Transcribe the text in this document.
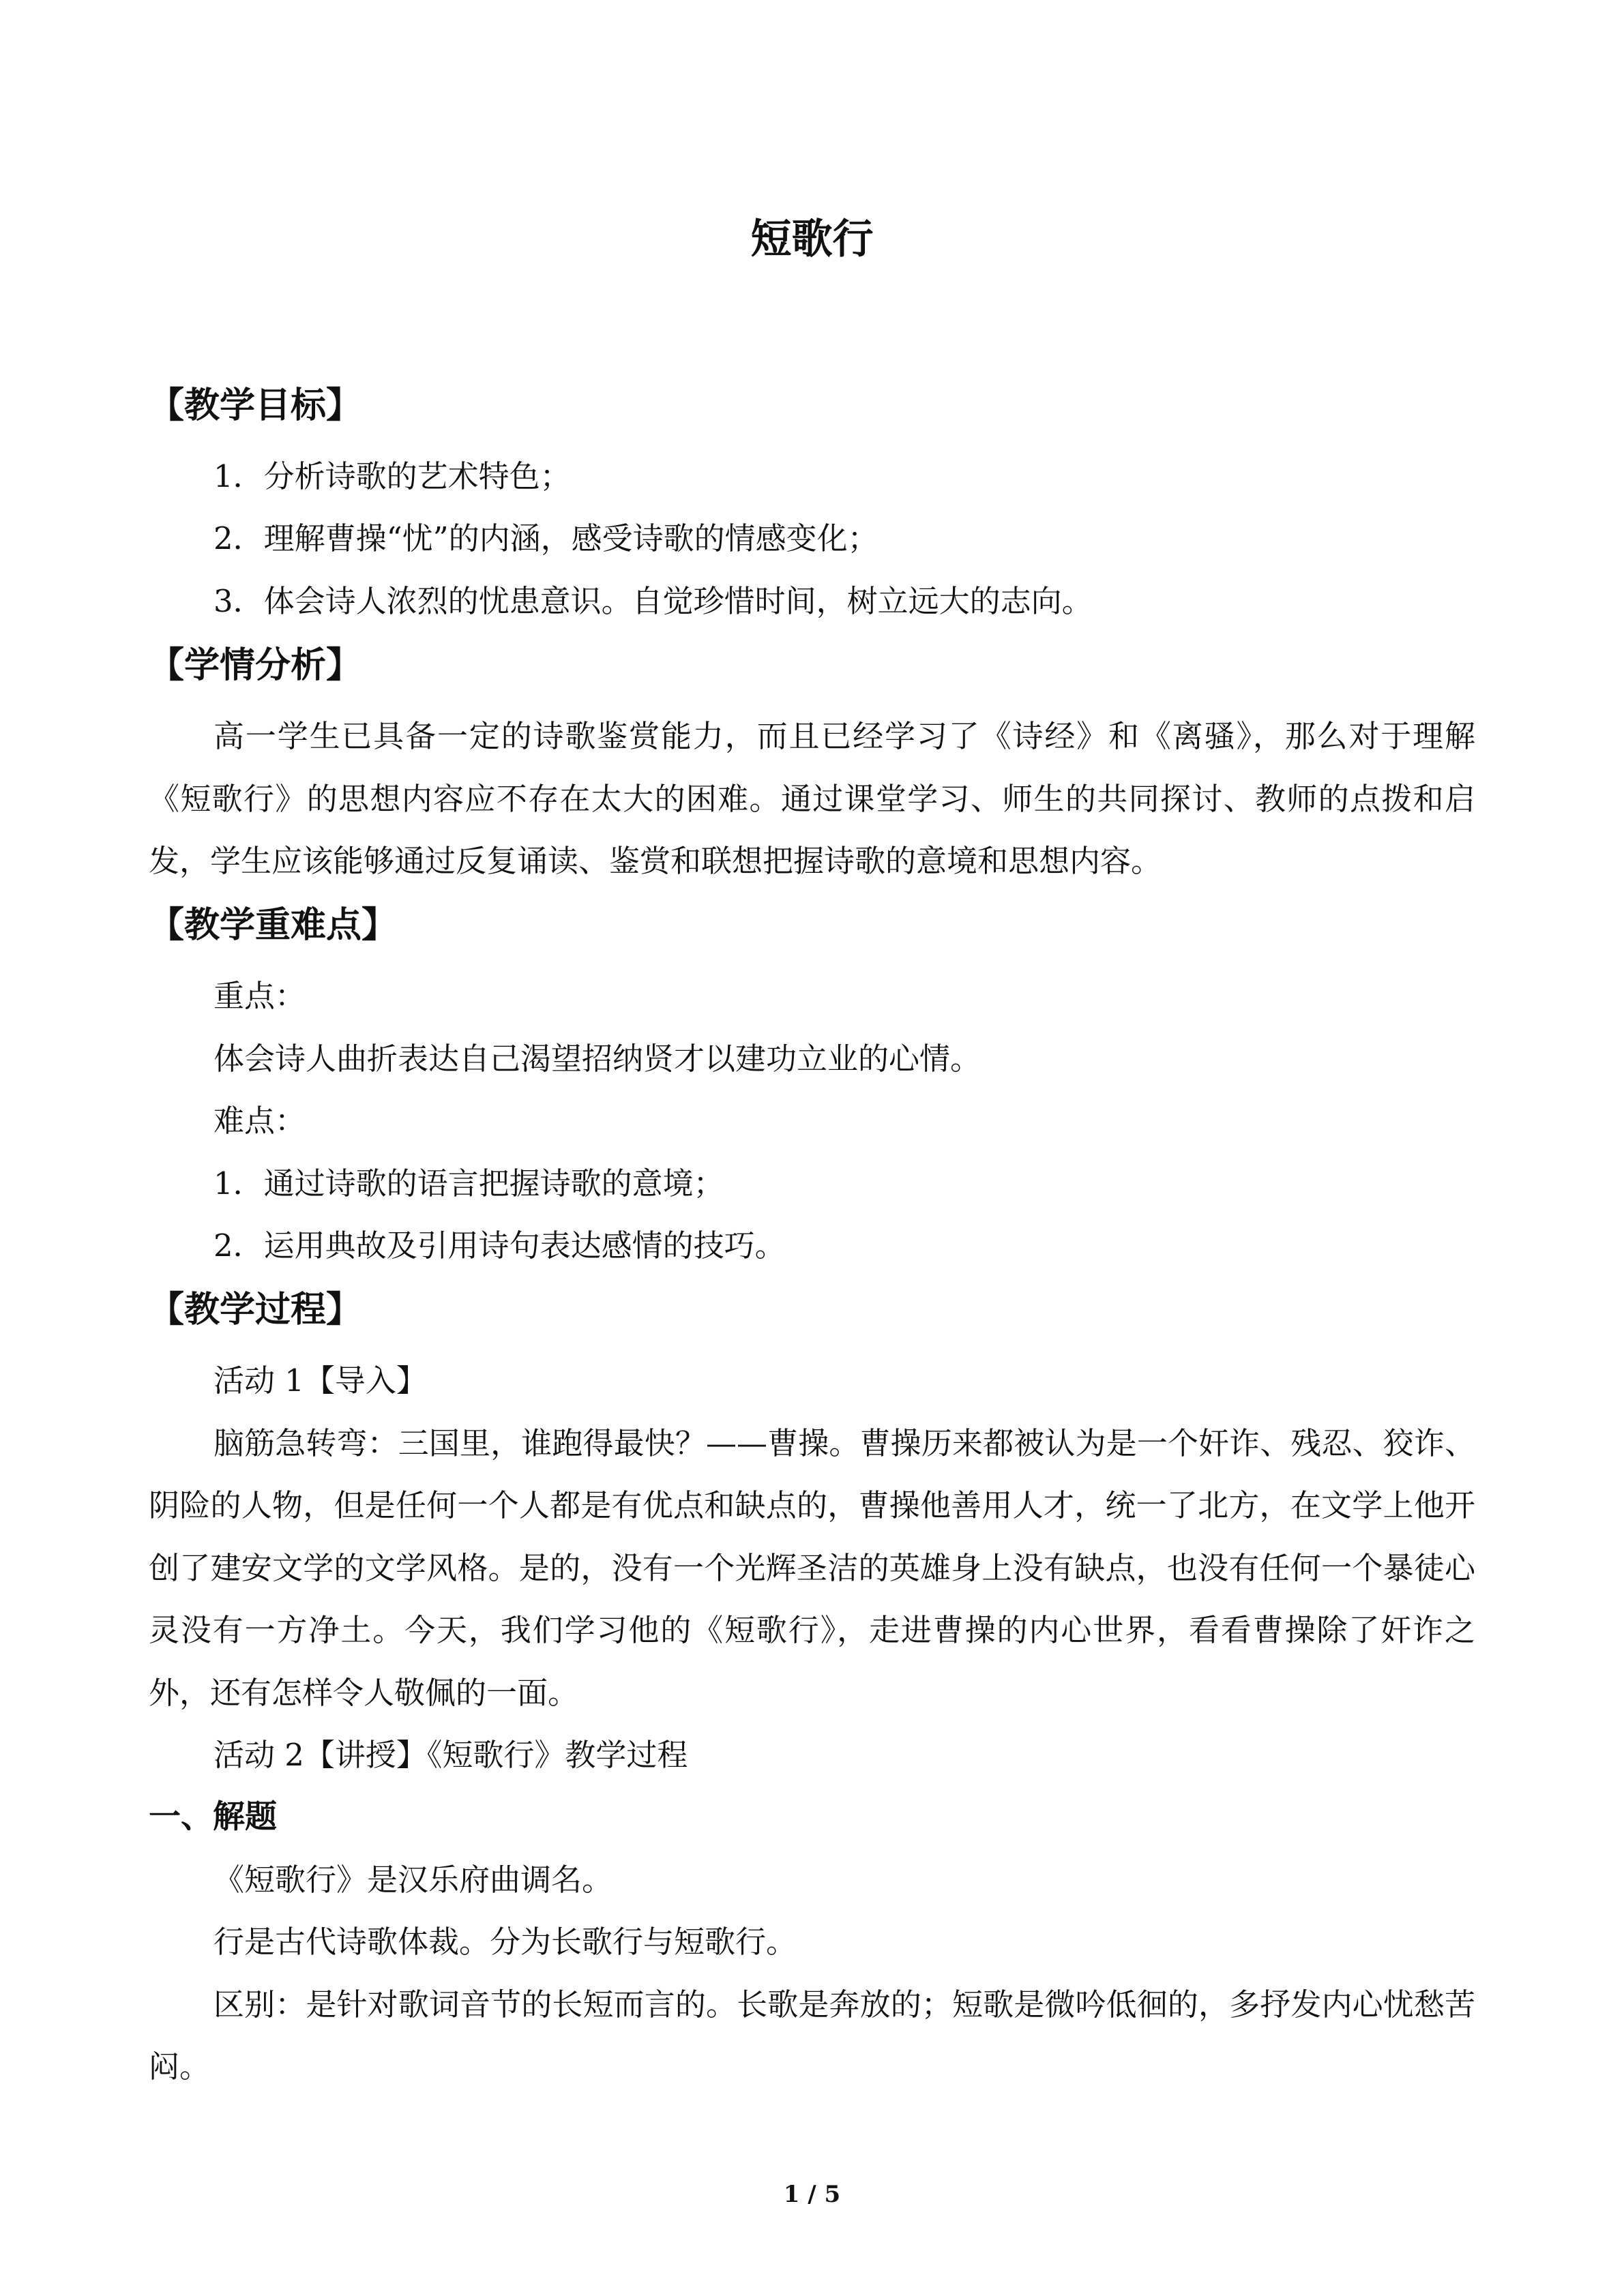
短歌行
【教学目标】

1．分析诗歌的艺术特色；

2．理解曹操“忧”的内涵，感受诗歌的情感变化；

3．体会诗人浓烈的忧患意识。自觉珍惜时间，树立远大的志向。

【学情分析】

高一学生已具备一定的诗歌鉴赏能力，而且已经学习了《诗经》和《离骚》，那么对于理解《短歌行》的思想内容应不存在太大的困难。通过课堂学习、师生的共同探讨、教师的点拨和启发，学生应该能够通过反复诵读、鉴赏和联想把握诗歌的意境和思想内容。

【教学重难点】

重点：

体会诗人曲折表达自己渴望招纳贤才以建功立业的心情。

难点：

1．通过诗歌的语言把握诗歌的意境；

2．运用典故及引用诗句表达感情的技巧。

【教学过程】

活动 1【导入】

脑筋急转弯：三国里，谁跑得最快？——曹操。曹操历来都被认为是一个奸诈、残忍、狡诈、阴险的人物，但是任何一个人都是有优点和缺点的，曹操他善用人才，统一了北方，在文学上他开创了建安文学的文学风格。是的，没有一个光辉圣洁的英雄身上没有缺点，也没有任何一个暴徒心灵没有一方净土。今天，我们学习他的《短歌行》，走进曹操的内心世界，看看曹操除了奸诈之外，还有怎样令人敬佩的一面。

活动 2【讲授】《短歌行》教学过程

一、解题

《短歌行》是汉乐府曲调名。

行是古代诗歌体裁。分为长歌行与短歌行。

区别：是针对歌词音节的长短而言的。长歌是奔放的；短歌是微吟低徊的，多抒发内心忧愁苦闷。

1 / 5
